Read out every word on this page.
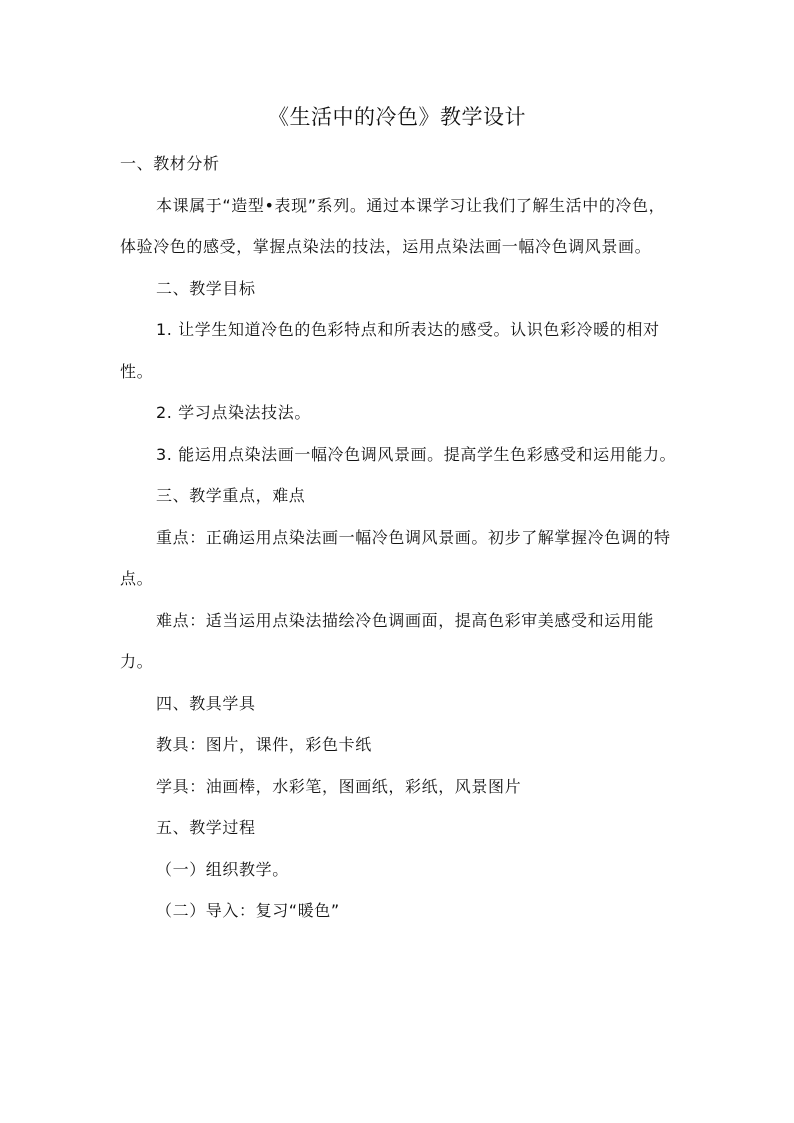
《生活中的冷色》教学设计

一、教材分析

本课属于“造型•表现”系列。通过本课学习让我们了解生活中的冷色，体验冷色的感受，掌握点染法的技法，运用点染法画一幅冷色调风景画。

二、教学目标

1. 让学生知道冷色的色彩特点和所表达的感受。认识色彩冷暖的相对性。

2. 学习点染法技法。

3. 能运用点染法画一幅冷色调风景画。提高学生色彩感受和运用能力。

三、教学重点，难点

重点：正确运用点染法画一幅冷色调风景画。初步了解掌握冷色调的特点。

难点：适当运用点染法描绘冷色调画面，提高色彩审美感受和运用能力。

四、教具学具

教具：图片，课件，彩色卡纸

学具：油画棒，水彩笔，图画纸，彩纸，风景图片

五、教学过程

（一）组织教学。

（二）导入：复习“暖色”
